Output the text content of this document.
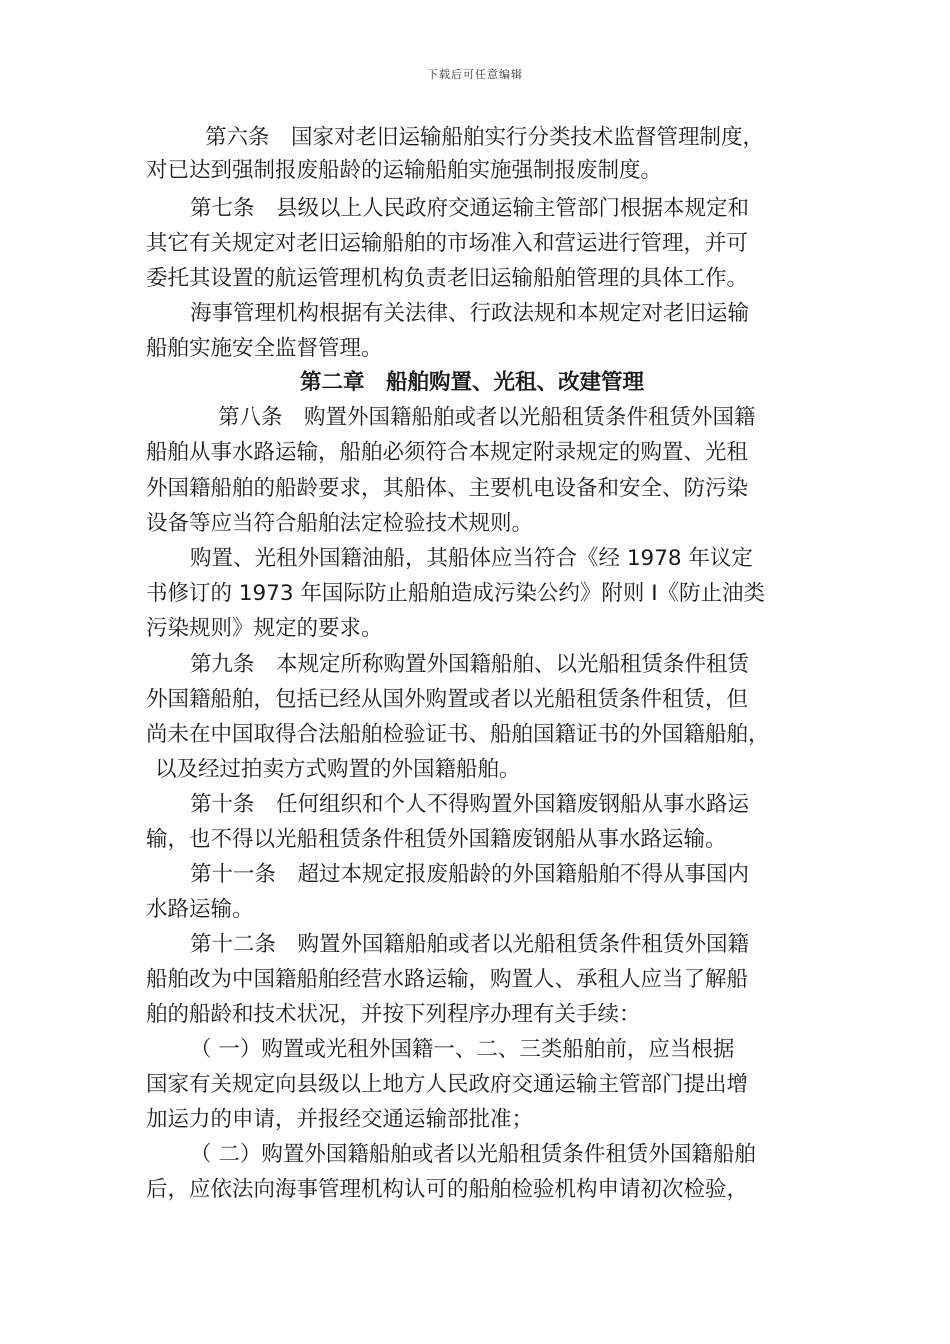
下载后可任意编辑
第六条　国家对老旧运输船舶实行分类技术监督管理制度，
对已达到强制报废船龄的运输船舶实施强制报废制度。
第七条　县级以上人民政府交通运输主管部门根据本规定和
其它有关规定对老旧运输船舶的市场准入和营运进行管理，并可
委托其设置的航运管理机构负责老旧运输船舶管理的具体工作。
海事管理机构根据有关法律、行政法规和本规定对老旧运输
船舶实施安全监督管理。
第二章　船舶购置、光租、改建管理
第八条　购置外国籍船舶或者以光船租赁条件租赁外国籍
船舶从事水路运输，船舶必须符合本规定附录规定的购置、光租
外国籍船舶的船龄要求，其船体、主要机电设备和安全、防污染
设备等应当符合船舶法定检验技术规则。
购置、光租外国籍油船，其船体应当符合《经 1978 年议定
书修订的 1973 年国际防止船舶造成污染公约》附则 I《防止油类
污染规则》规定的要求。
第九条　本规定所称购置外国籍船舶、以光船租赁条件租赁
外国籍船舶，包括已经从国外购置或者以光船租赁条件租赁，但
尚未在中国取得合法船舶检验证书、船舶国籍证书的外国籍船舶，
以及经过拍卖方式购置的外国籍船舶。
第十条　任何组织和个人不得购置外国籍废钢船从事水路运
输，也不得以光船租赁条件租赁外国籍废钢船从事水路运输。
第十一条　超过本规定报废船龄的外国籍船舶不得从事国内
水路运输。
第十二条　购置外国籍船舶或者以光船租赁条件租赁外国籍
船舶改为中国籍船舶经营水路运输，购置人、承租人应当了解船
舶的船龄和技术状况，并按下列程序办理有关手续：
（ 一）购置或光租外国籍一、二、三类船舶前，应当根据
国家有关规定向县级以上地方人民政府交通运输主管部门提出增
加运力的申请，并报经交通运输部批准；
（ 二）购置外国籍船舶或者以光船租赁条件租赁外国籍船舶
后，应依法向海事管理机构认可的船舶检验机构申请初次检验，
